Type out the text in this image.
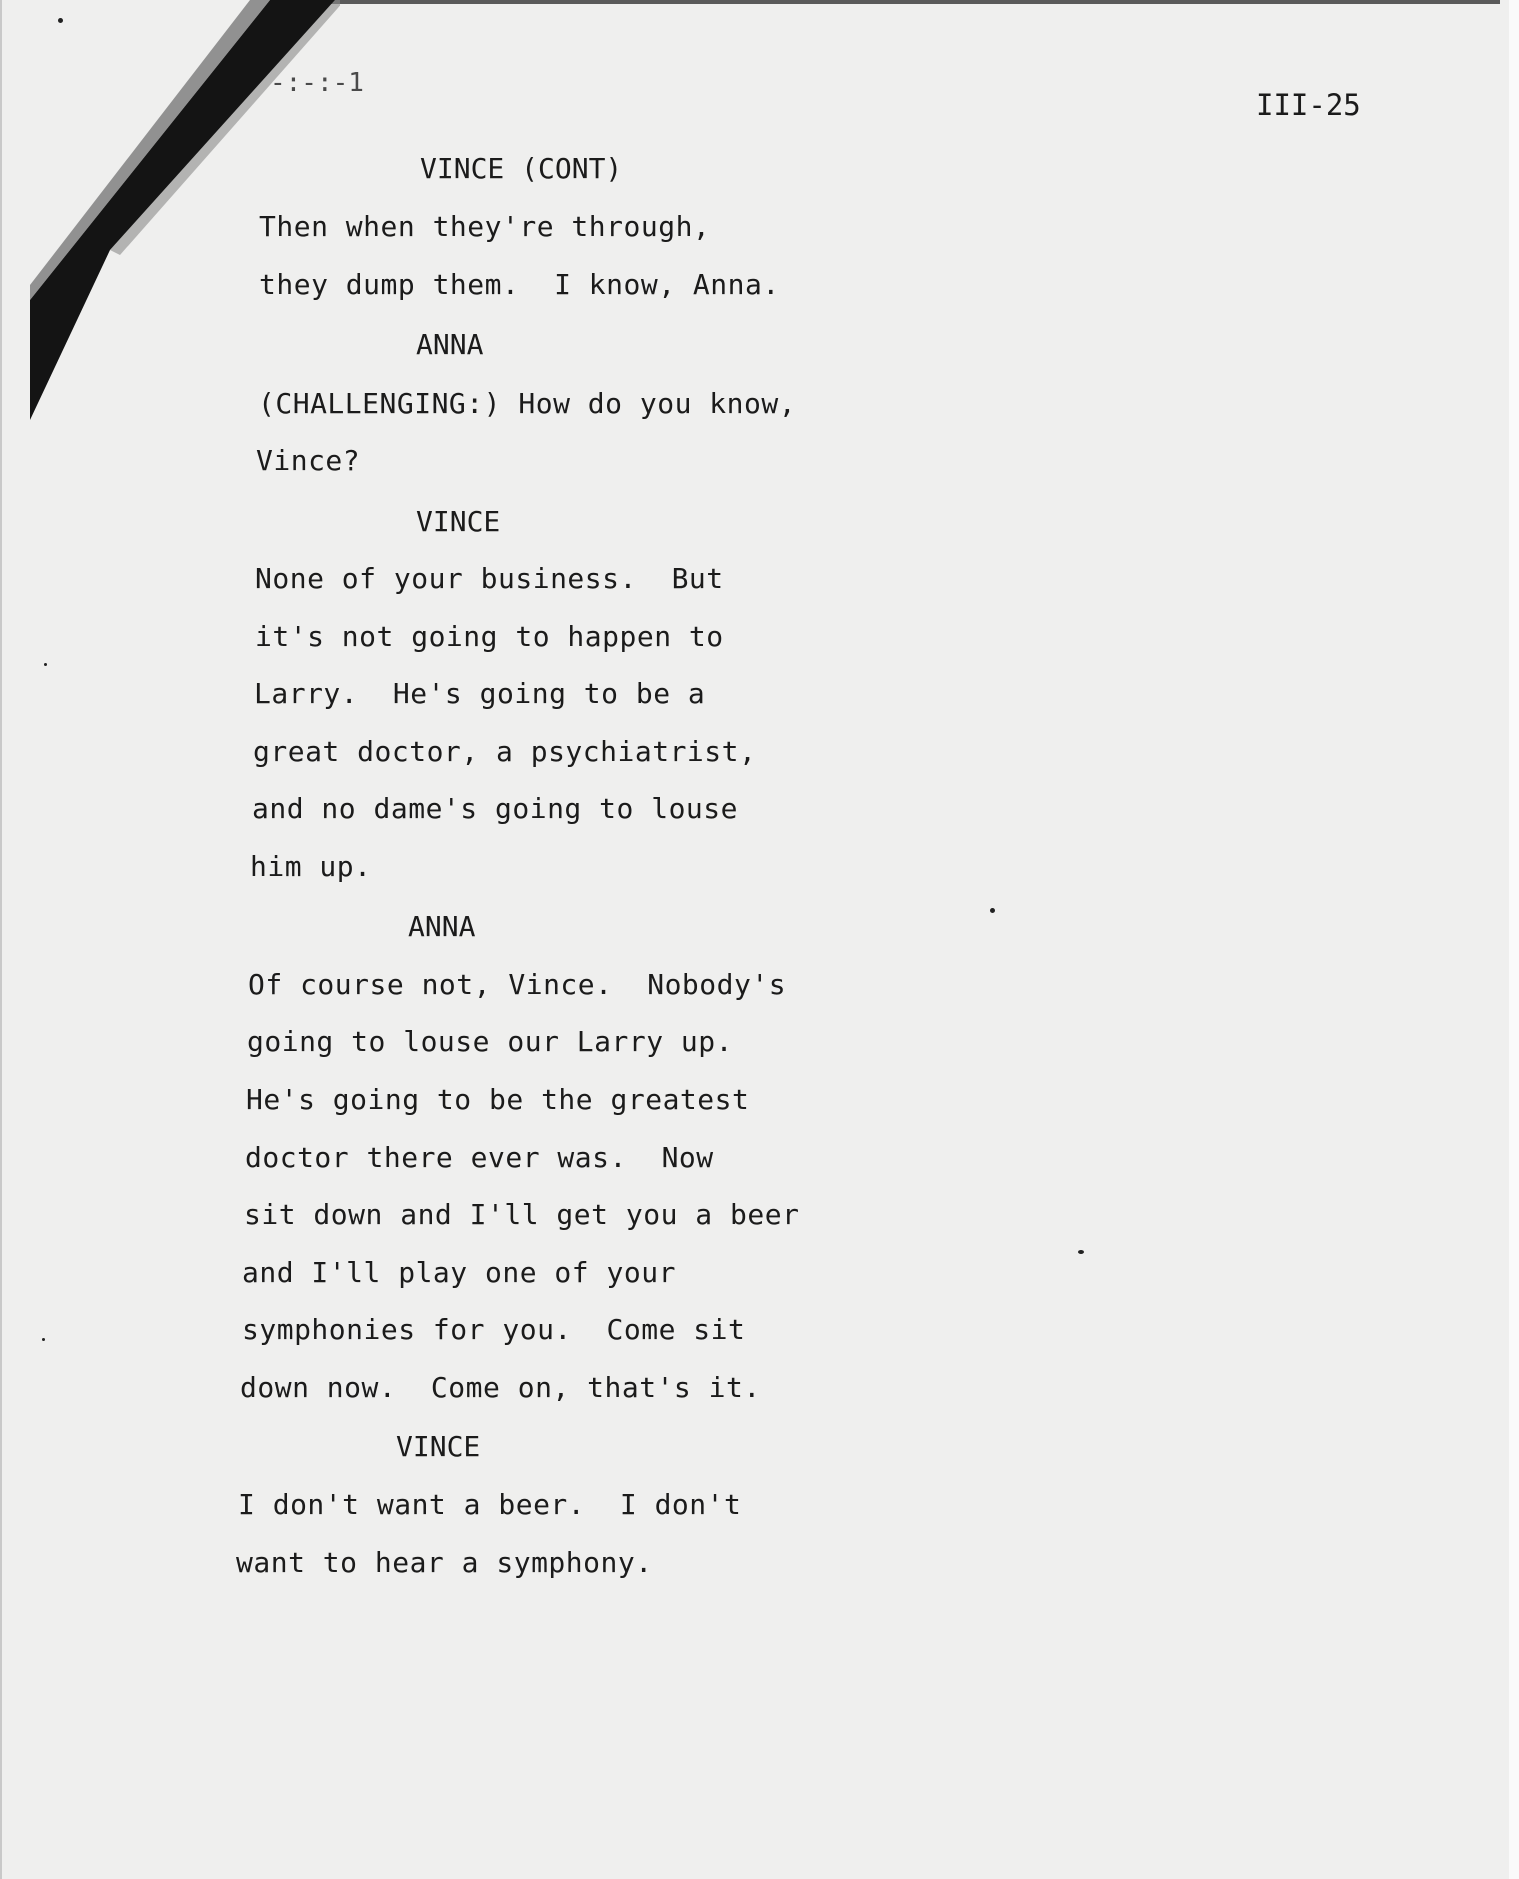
-:-:-1
III-25
VINCE (CONT)
Then when they're through,
they dump them.  I know, Anna.
ANNA
(CHALLENGING:) How do you know,
Vince?
VINCE
None of your business.  But
it's not going to happen to
Larry.  He's going to be a
great doctor, a psychiatrist,
and no dame's going to louse
him up.
ANNA
Of course not, Vince.  Nobody's
going to louse our Larry up.
He's going to be the greatest
doctor there ever was.  Now
sit down and I'll get you a beer
and I'll play one of your
symphonies for you.  Come sit
down now.  Come on, that's it.
VINCE
I don't want a beer.  I don't
want to hear a symphony.
